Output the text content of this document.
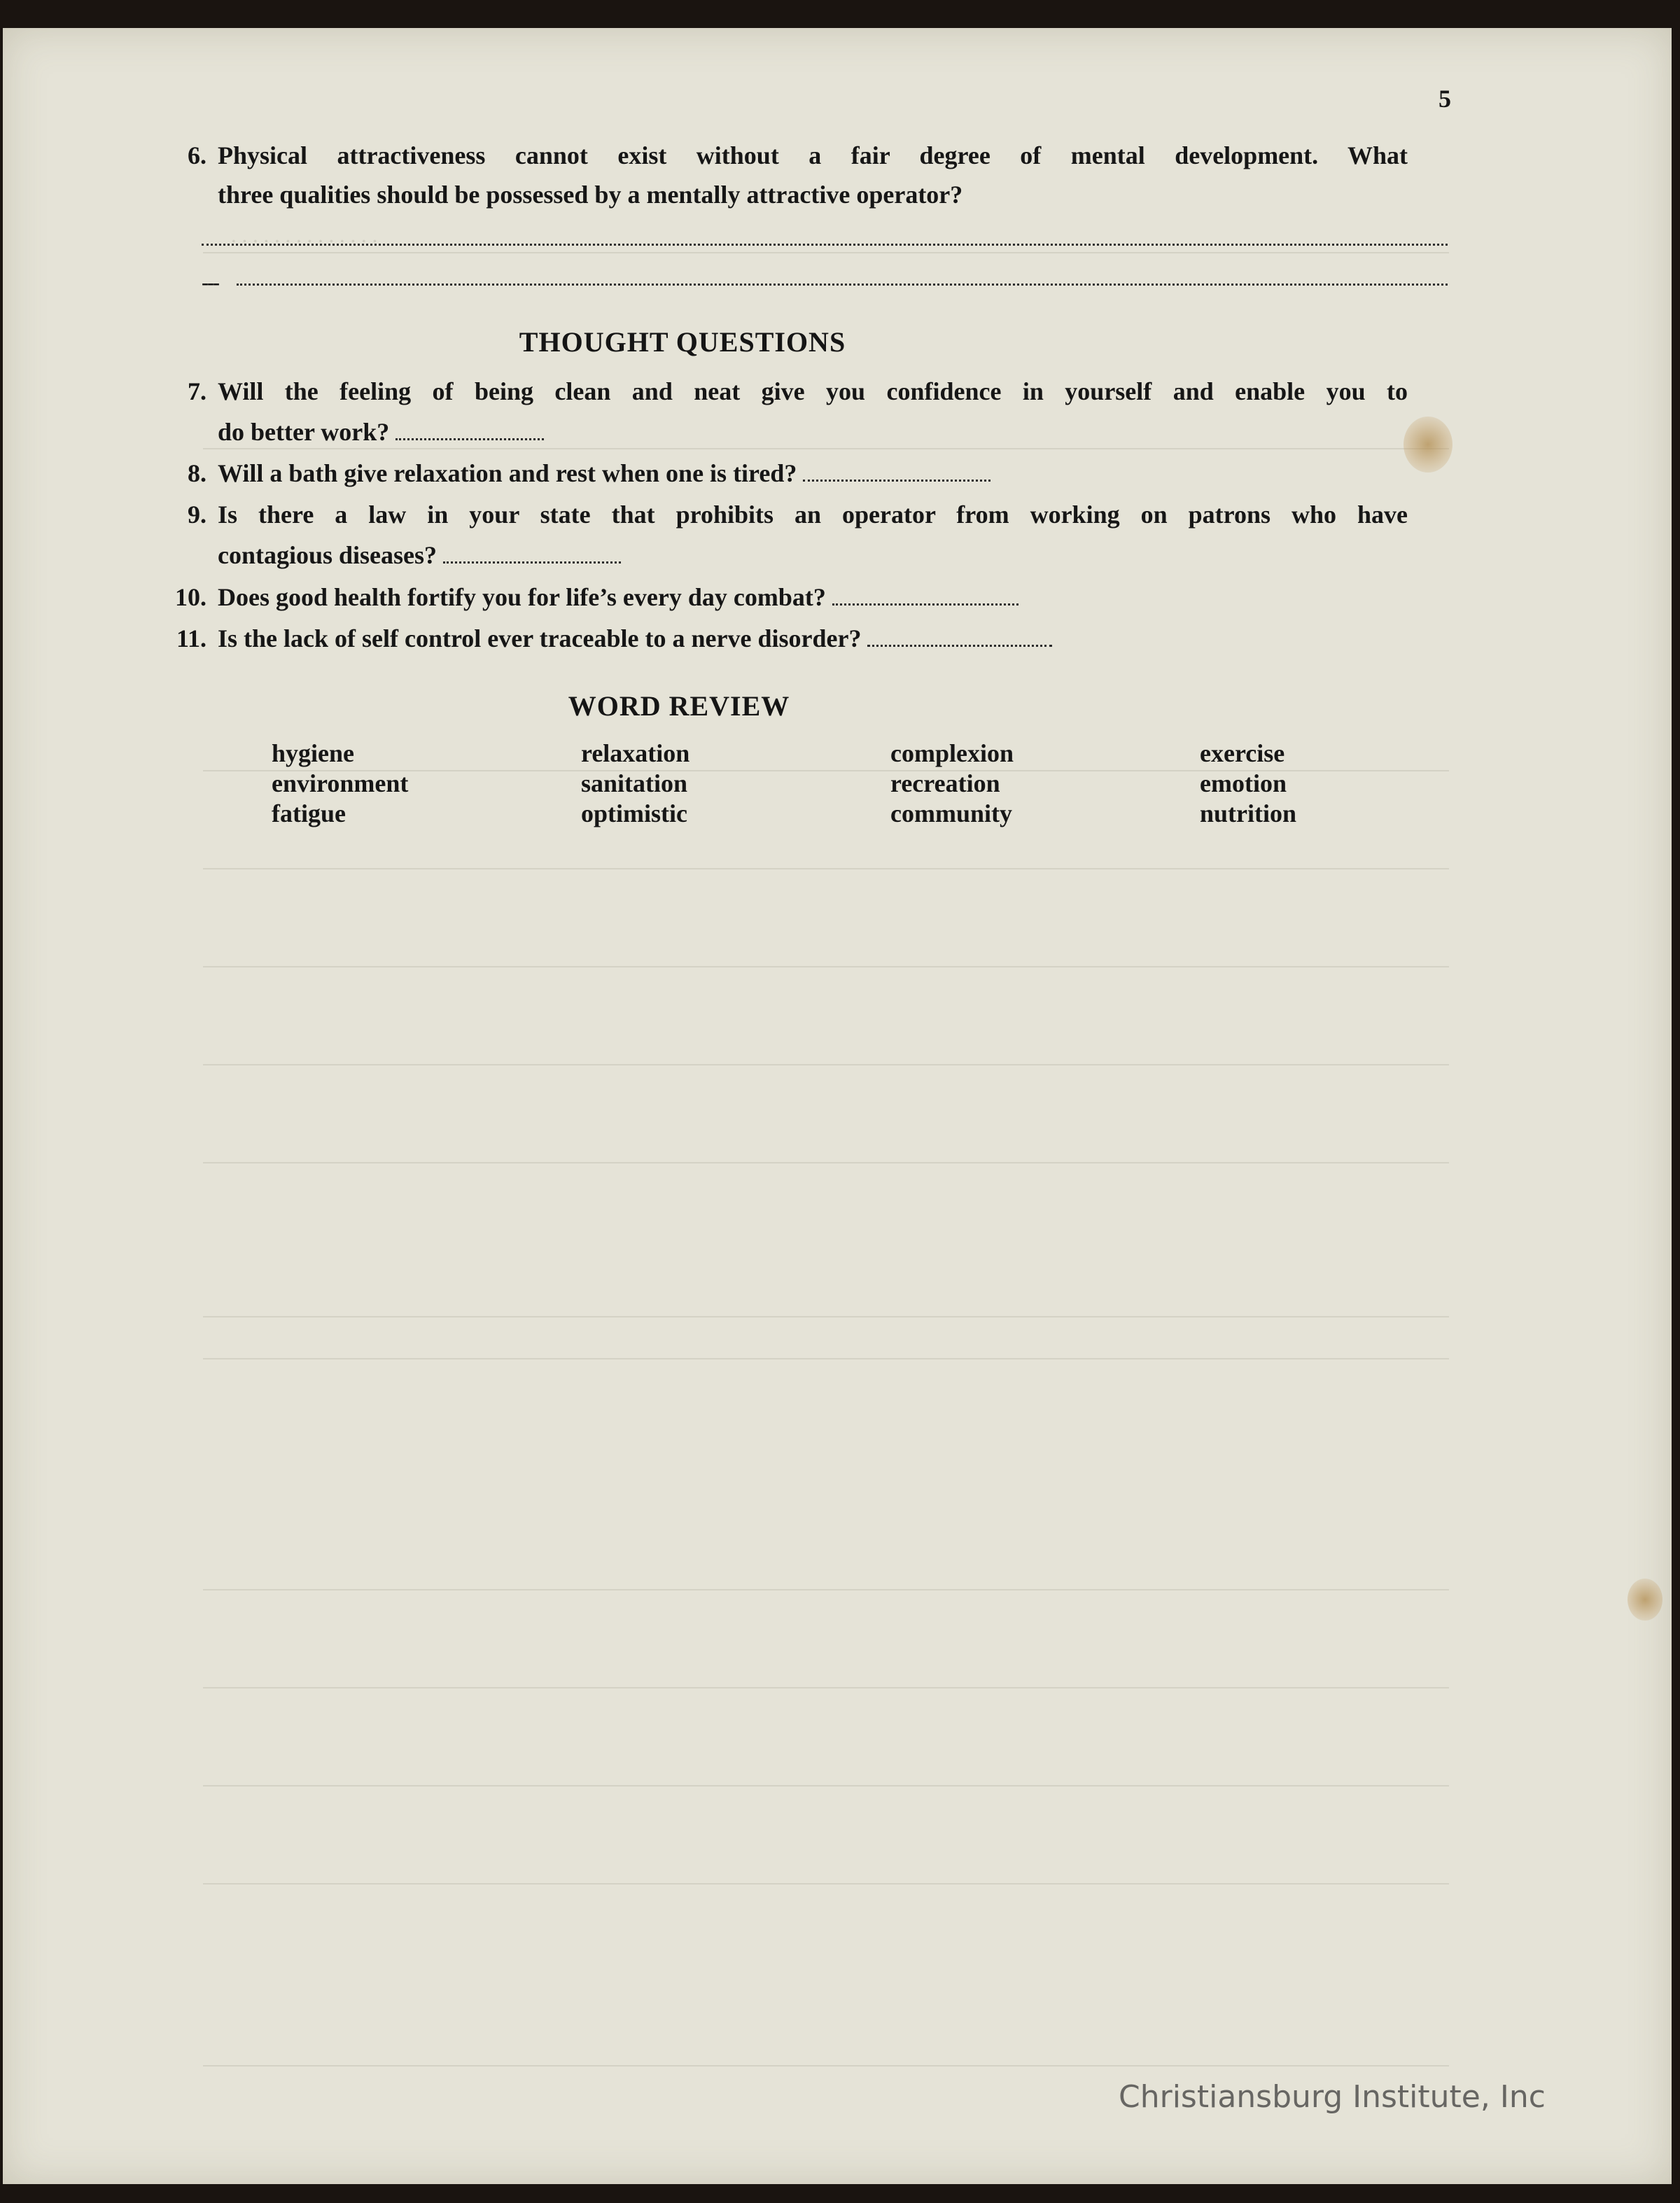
. . . . . . . . . . . . . .
5
6. Physical attractiveness cannot exist without a fair degree of mental development. What
three qualities should be possessed by a mentally attractive operator?
---
THOUGHT QUESTIONS
7. Will the feeling of being clean and neat give you confidence in yourself and enable you to
do better work?
8. Will a bath give relaxation and rest when one is tired?
9. Is there a law in your state that prohibits an operator from working on patrons who have
contagious diseases?
10. Does good health fortify you for life’s every day combat?
11. Is the lack of self control ever traceable to a nerve disorder?
WORD REVIEW
hygiene
environment
fatigue
relaxation
sanitation
optimistic
complexion
recreation
community
exercise
emotion
nutrition
Christiansburg Institute, Inc
